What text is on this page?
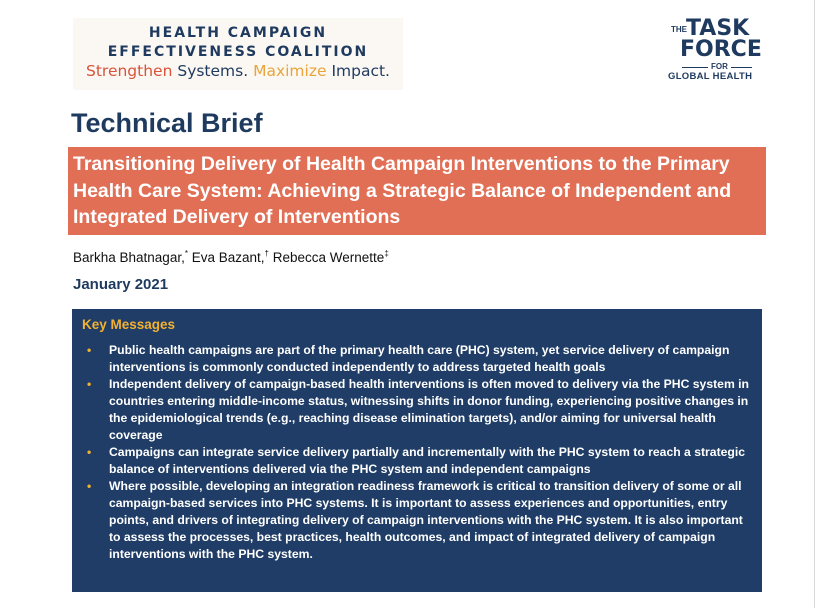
HEALTH CAMPAIGN
EFFECTIVENESS COALITION
Strengthen Systems. Maximize Impact.
THE TASK
FORCE
FOR
GLOBAL HEALTH
Technical Brief
Transitioning Delivery of Health Campaign Interventions to the Primary Health Care System: Achieving a Strategic Balance of Independent and Integrated Delivery of Interventions
Barkha Bhatnagar,* Eva Bazant,† Rebecca Wernette‡
January 2021
Key Messages
• Public health campaigns are part of the primary health care (PHC) system, yet service delivery of campaign interventions is commonly conducted independently to address targeted health goals
• Independent delivery of campaign-based health interventions is often moved to delivery via the PHC system in countries entering middle-income status, witnessing shifts in donor funding, experiencing positive changes in the epidemiological trends (e.g., reaching disease elimination targets), and/or aiming for universal health coverage
• Campaigns can integrate service delivery partially and incrementally with the PHC system to reach a strategic balance of interventions delivered via the PHC system and independent campaigns
• Where possible, developing an integration readiness framework is critical to transition delivery of some or all campaign-based services into PHC systems. It is important to assess experiences and opportunities, entry points, and drivers of integrating delivery of campaign interventions with the PHC system. It is also important to assess the processes, best practices, health outcomes, and impact of integrated delivery of campaign interventions with the PHC system.
